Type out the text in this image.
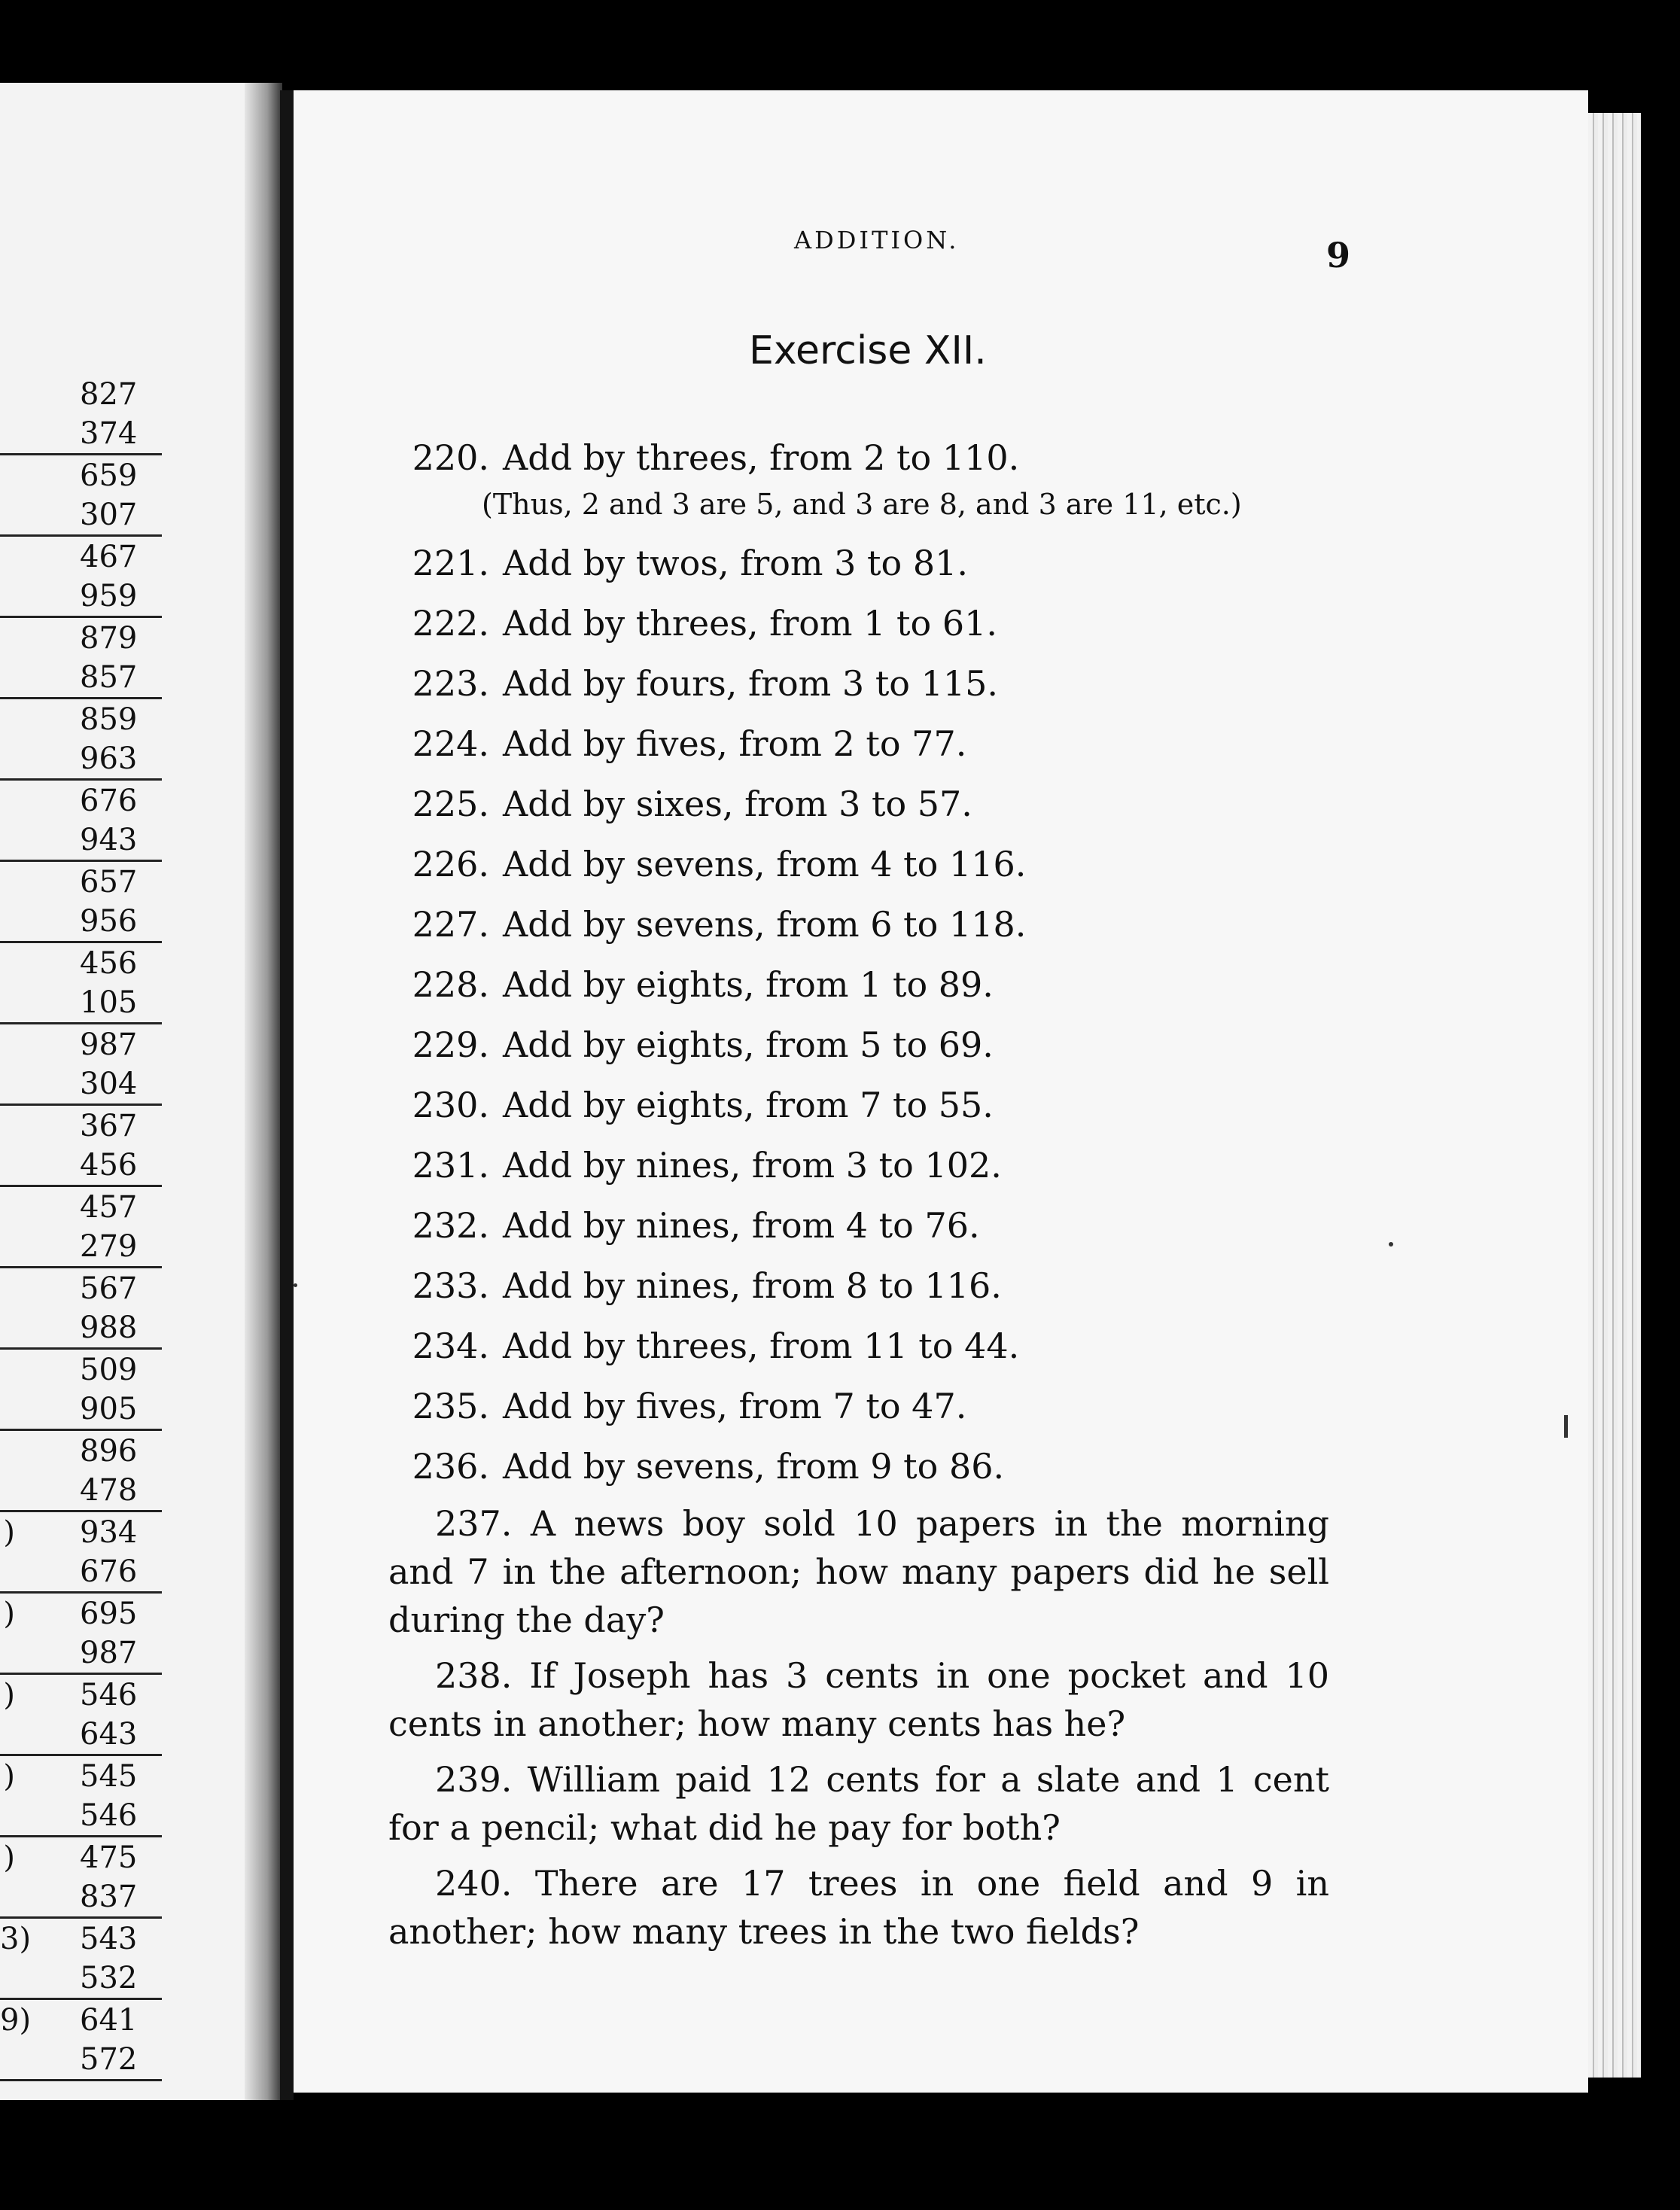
827
374
659
307
467
959
879
857
859
963
676
943
657
956
456
105
987
304
367
456
457
279
567
988
509
905
896
478
) 934
676
) 695
987
) 546
643
) 545
546
) 475
837
3) 543
532
9) 641
572
ADDITION.	9
Exercise XII.
220. Add by threes, from 2 to 110.
(Thus, 2 and 3 are 5, and 3 are 8, and 3 are 11, etc.)
221. Add by twos, from 3 to 81.
222. Add by threes, from 1 to 61.
223. Add by fours, from 3 to 115.
224. Add by fives, from 2 to 77.
225. Add by sixes, from 3 to 57.
226. Add by sevens, from 4 to 116.
227. Add by sevens, from 6 to 118.
228. Add by eights, from 1 to 89.
229. Add by eights, from 5 to 69.
230. Add by eights, from 7 to 55.
231. Add by nines, from 3 to 102.
232. Add by nines, from 4 to 76.
233. Add by nines, from 8 to 116.
234. Add by threes, from 11 to 44.
235. Add by fives, from 7 to 47.
236. Add by sevens, from 9 to 86.
237. A news boy sold 10 papers in the morning and 7 in the afternoon; how many papers did he sell during the day?
238. If Joseph has 3 cents in one pocket and 10 cents in another; how many cents has he?
239. William paid 12 cents for a slate and 1 cent for a pencil; what did he pay for both?
240. There are 17 trees in one field and 9 in another; how many trees in the two fields?
